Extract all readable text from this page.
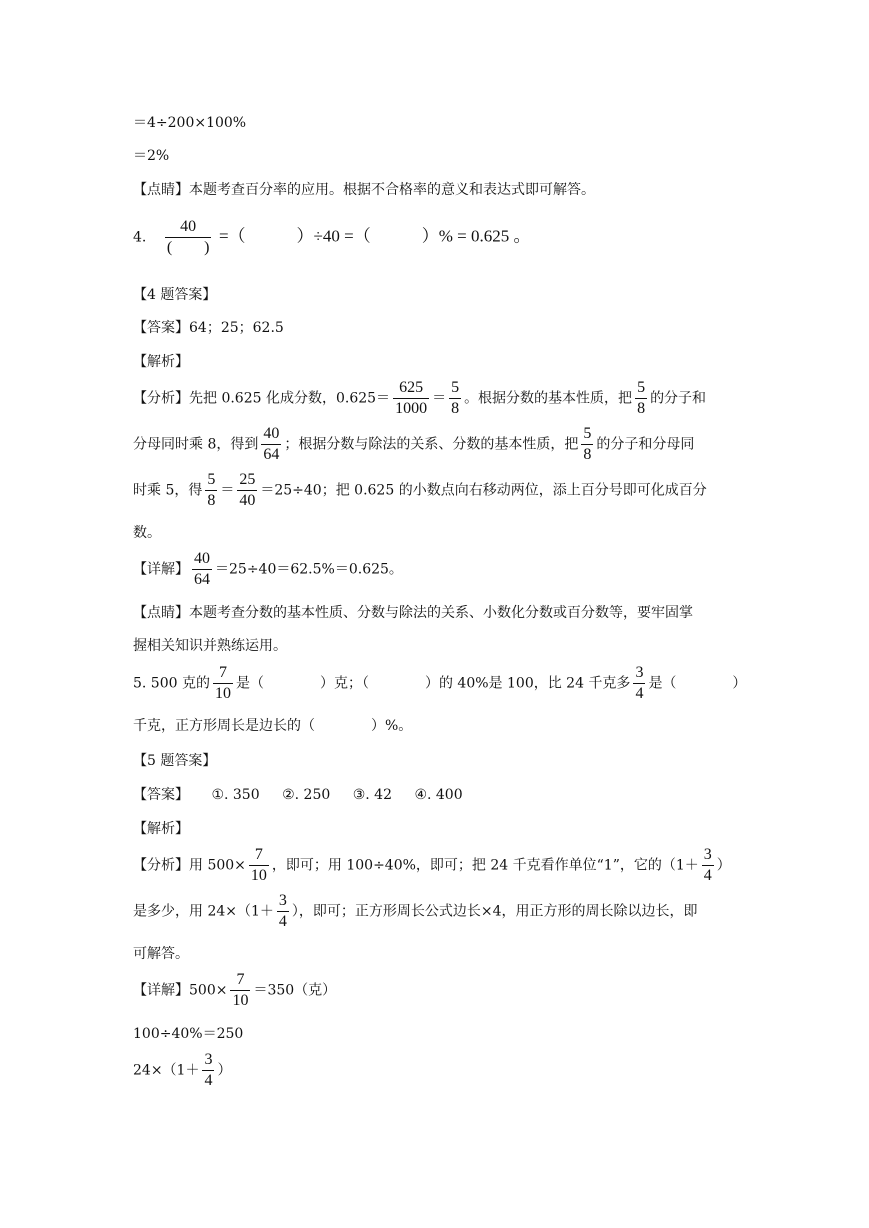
＝4÷200×100%
＝2%
【点睛】本题考查百分率的应用。根据不合格率的意义和表达式即可解答。
4. $\frac{40}{( )}$ =（　　　）÷40 =（　　　）% = 0.625 。
【4 题答案】
【答案】64；25；62.5
【解析】
【分析】先把 0.625 化成分数，$0.625= \frac{625}{1000} = \frac{5}{8}$ 。根据分数的基本性质，把 $\frac{5}{8}$ 的分子和
分母同时乘 8，得到 $\frac{40}{64}$ ；根据分数与除法的关系、分数的基本性质，把 $\frac{5}{8}$ 的分子和分母同
时乘 5，得 $\frac{5}{8} = \frac{25}{40} =25\div 40$；把 0.625 的小数点向右移动两位，添上百分号即可化成百分
数。
【详解】 $\frac{40}{64} =25\div 40=62.5\%=0.625$。
【点睛】本题考查分数的基本性质、分数与除法的关系、小数化分数或百分数等，要牢固掌
握相关知识并熟练运用。
5. 500 克的 $\frac{7}{10}$ 是（　　　　）克；（　　　　）的 40%是 100，比 24 千克多 $\frac{3}{4}$ 是（　　　　）
千克，正方形周长是边长的（　　　　）%。
【5 题答案】
【答案】 ①. 350 ②. 250 ③. 42 ④. 400
【解析】
【分析】用 $500\times \frac{7}{10}$ ，即可；用 100÷40%，即可；把 24 千克看作单位“1”，它的（$1+ \frac{3}{4}$ ）
是多少，用 $24\times(1+ \frac{3}{4}$ ），即可；正方形周长公式边长×4，用正方形的周长除以边长，即
可解答。
【详解】$500\times \frac{7}{10} =350$（克）
100÷40%＝250
$24\times(1+ \frac{3}{4}$ ）
